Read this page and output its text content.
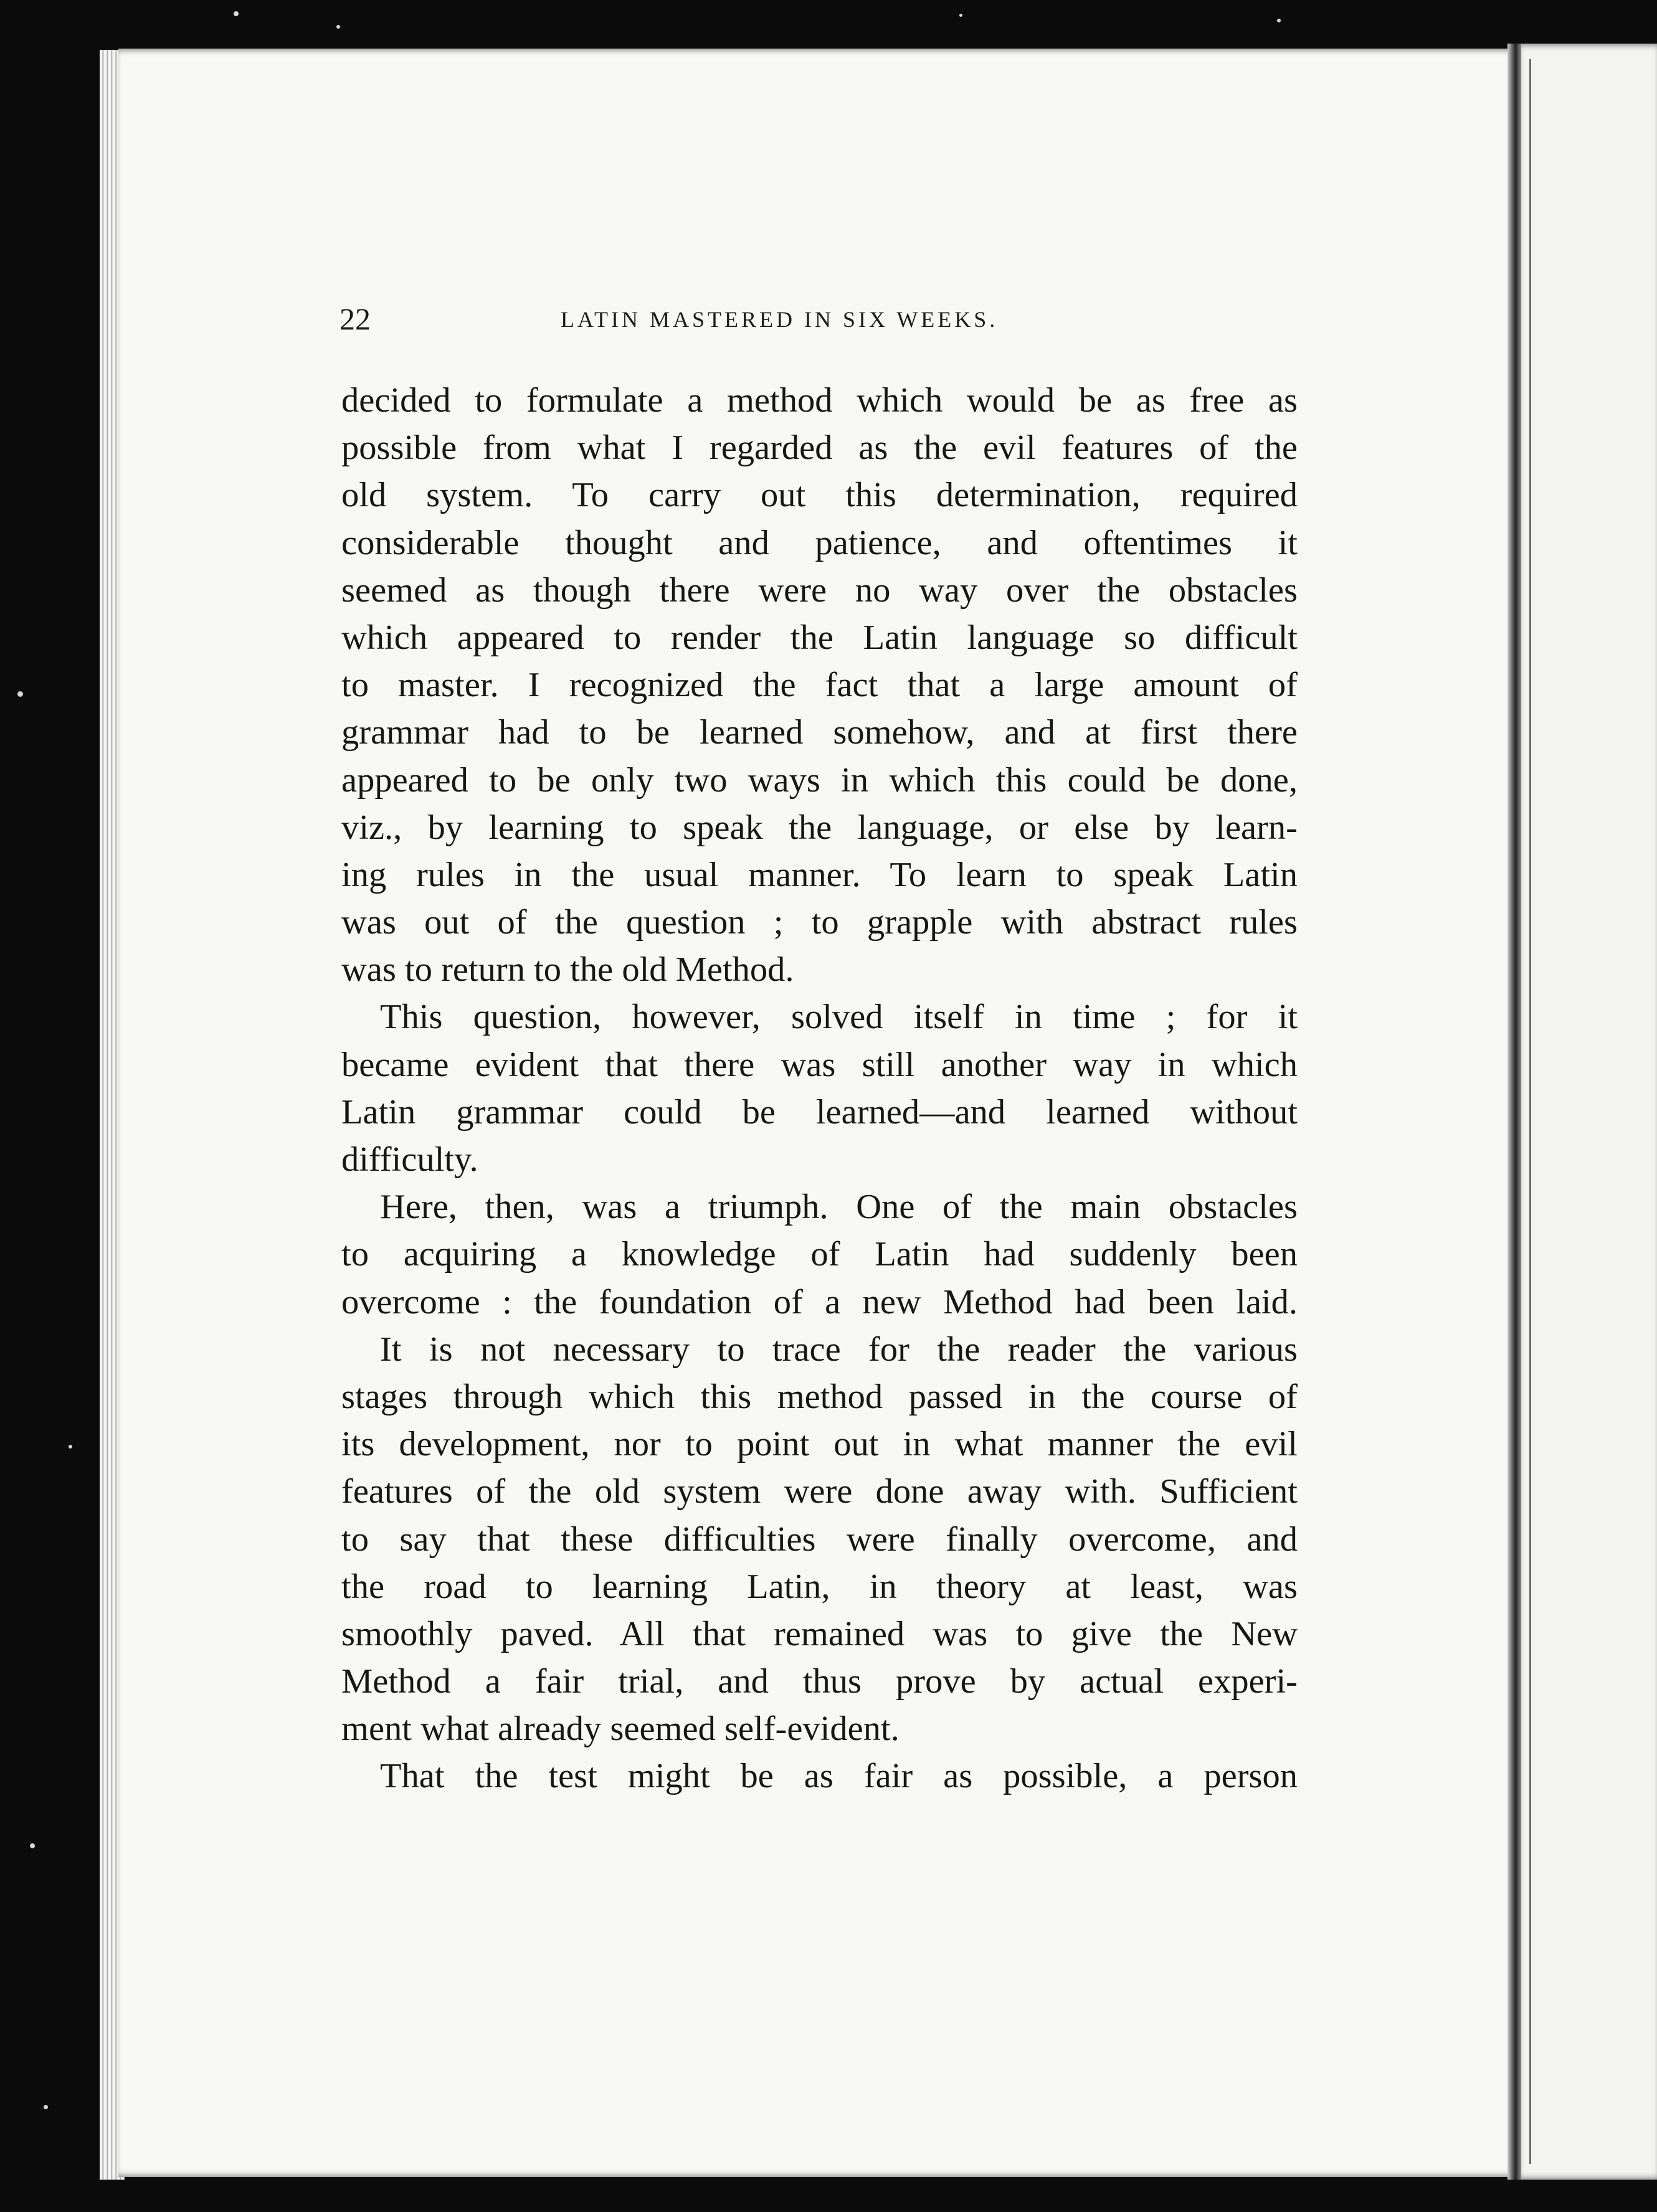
22	LATIN MASTERED IN SIX WEEKS.
decided to formulate a method which would be as free as
possible from what I regarded as the evil features of the
old system. To carry out this determination, required
considerable thought and patience, and oftentimes it
seemed as though there were no way over the obstacles
which appeared to render the Latin language so difficult
to master. I recognized the fact that a large amount of
grammar had to be learned somehow, and at first there
appeared to be only two ways in which this could be done,
viz., by learning to speak the language, or else by learn-
ing rules in the usual manner. To learn to speak Latin
was out of the question ; to grapple with abstract rules
was to return to the old Method.
This question, however, solved itself in time ; for it
became evident that there was still another way in which
Latin grammar could be learned—and learned without
difficulty.
Here, then, was a triumph. One of the main obstacles
to acquiring a knowledge of Latin had suddenly been
overcome : the foundation of a new Method had been laid.
It is not necessary to trace for the reader the various
stages through which this method passed in the course of
its development, nor to point out in what manner the evil
features of the old system were done away with. Sufficient
to say that these difficulties were finally overcome, and
the road to learning Latin, in theory at least, was
smoothly paved. All that remained was to give the New
Method a fair trial, and thus prove by actual experi-
ment what already seemed self-evident.
That the test might be as fair as possible, a person
